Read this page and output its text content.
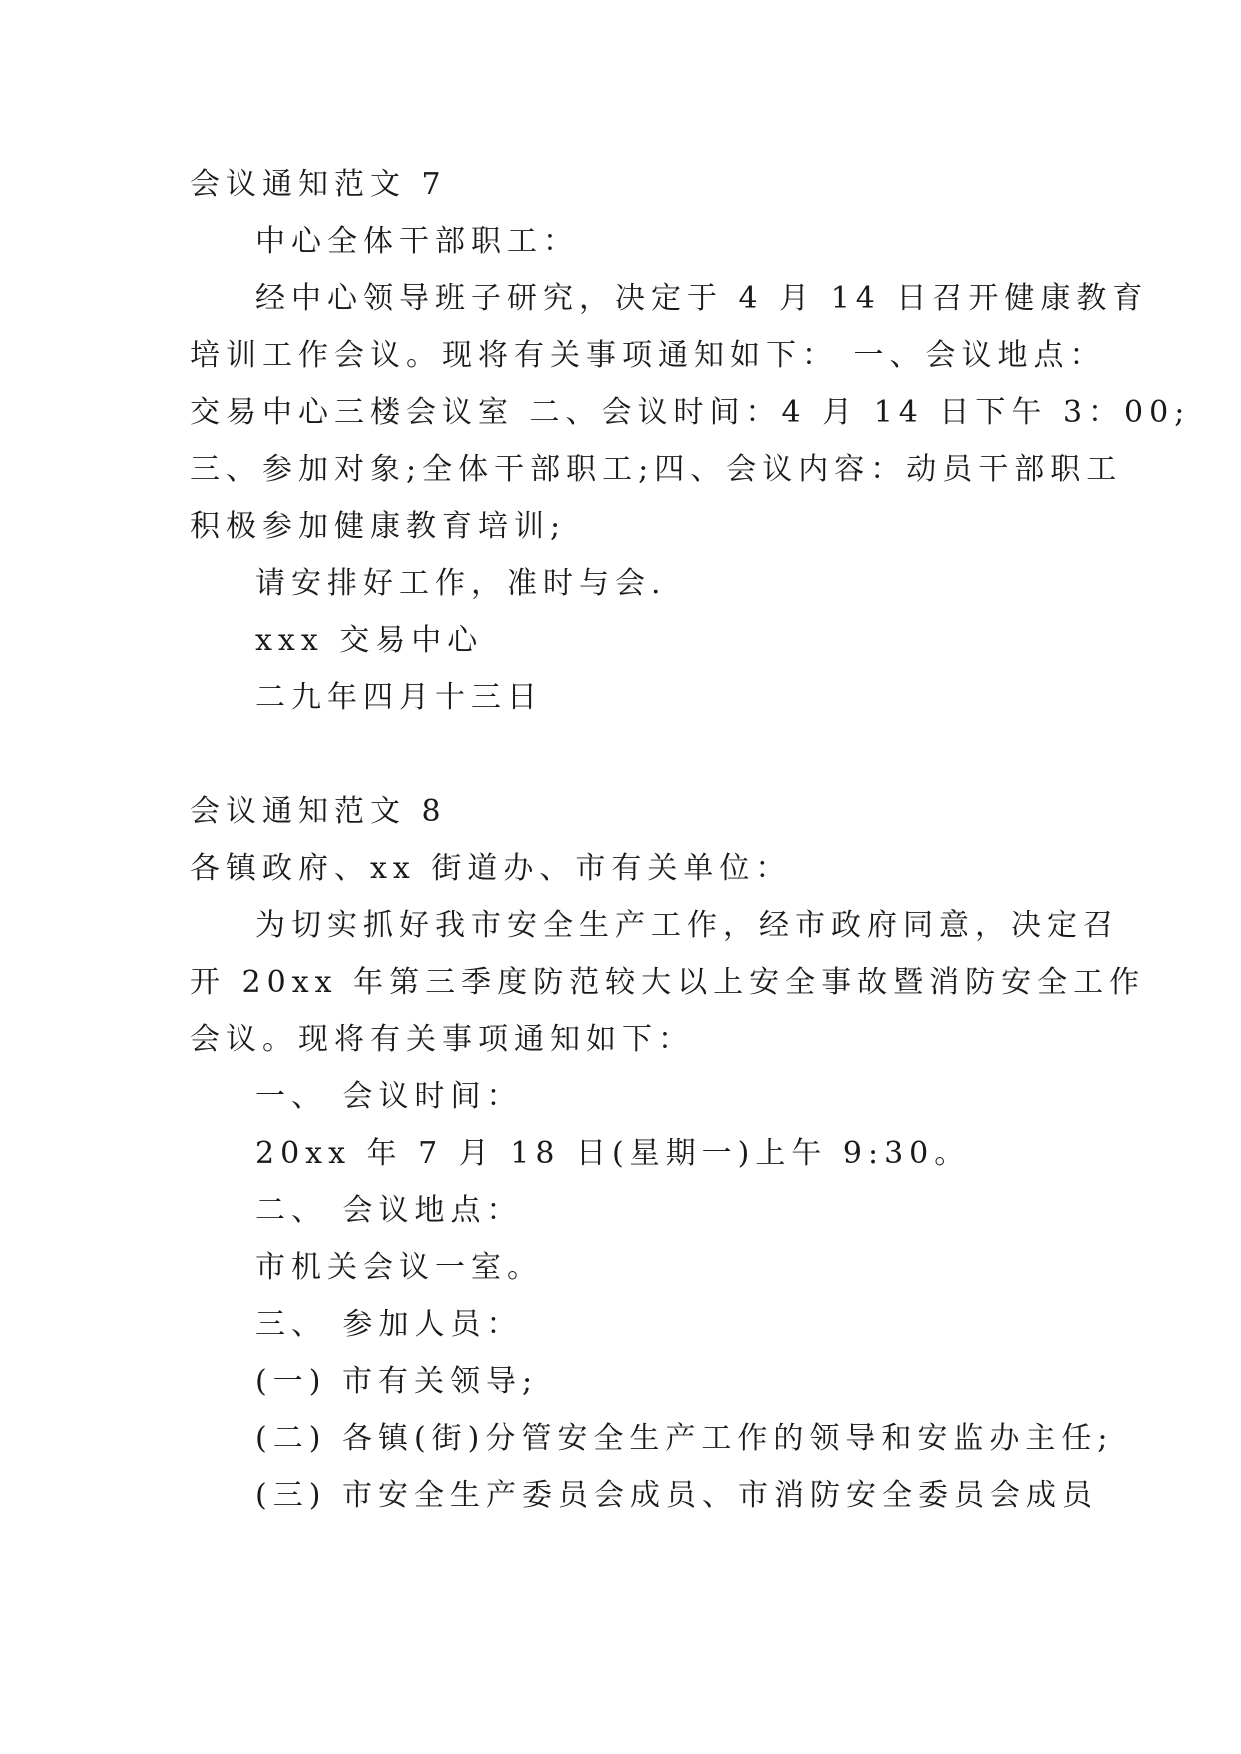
会议通知范文 7
中心全体干部职工：
经中心领导班子研究，决定于 4 月 14 日召开健康教育
培训工作会议。现将有关事项通知如下： 一、会议地点：
交易中心三楼会议室 二、会议时间：4 月 14 日下午 3：00;
三、参加对象;全体干部职工;四、会议内容：动员干部职工
积极参加健康教育培训;
请安排好工作，准时与会.
xxx 交易中心
二九年四月十三日
会议通知范文 8
各镇政府、xx 街道办、市有关单位：
为切实抓好我市安全生产工作，经市政府同意，决定召
开 20xx 年第三季度防范较大以上安全事故暨消防安全工作
会议。现将有关事项通知如下：
一、 会议时间：
20xx 年 7 月 18 日(星期一)上午 9:30。
二、 会议地点：
市机关会议一室。
三、 参加人员：
(一) 市有关领导;
(二) 各镇(街)分管安全生产工作的领导和安监办主任;
(三) 市安全生产委员会成员、市消防安全委员会成员
